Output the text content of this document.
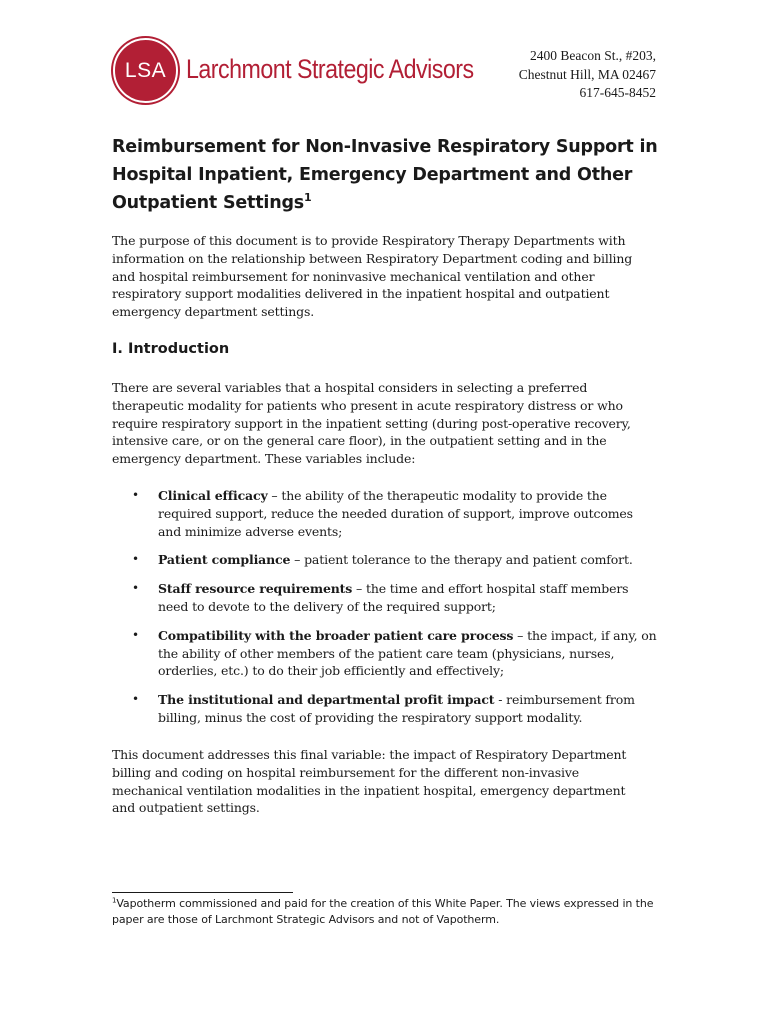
LSA Larchmont Strategic Advisors	2400 Beacon St., #203,
Chestnut Hill, MA 02467
617-645-8452
Reimbursement for Non-Invasive Respiratory Support in Hospital Inpatient, Emergency Department and Other Outpatient Settings$^1$

The purpose of this document is to provide Respiratory Therapy Departments with information on the relationship between Respiratory Department coding and billing and hospital reimbursement for noninvasive mechanical ventilation and other respiratory support modalities delivered in the inpatient hospital and outpatient emergency department settings.

I. Introduction

There are several variables that a hospital considers in selecting a preferred therapeutic modality for patients who present in acute respiratory distress or who require respiratory support in the inpatient setting (during post-operative recovery, intensive care, or on the general care floor), in the outpatient setting and in the emergency department. These variables include:

• Clinical efficacy – the ability of the therapeutic modality to provide the required support, reduce the needed duration of support, improve outcomes and minimize adverse events;
• Patient compliance – patient tolerance to the therapy and patient comfort.
• Staff resource requirements – the time and effort hospital staff members need to devote to the delivery of the required support;
• Compatibility with the broader patient care process – the impact, if any, on the ability of other members of the patient care team (physicians, nurses, orderlies, etc.) to do their job efficiently and effectively;
• The institutional and departmental profit impact - reimbursement from billing, minus the cost of providing the respiratory support modality.

This document addresses this final variable: the impact of Respiratory Department billing and coding on hospital reimbursement for the different non-invasive mechanical ventilation modalities in the inpatient hospital, emergency department and outpatient settings.

$^1$Vapotherm commissioned and paid for the creation of this White Paper. The views expressed in the paper are those of Larchmont Strategic Advisors and not of Vapotherm.
